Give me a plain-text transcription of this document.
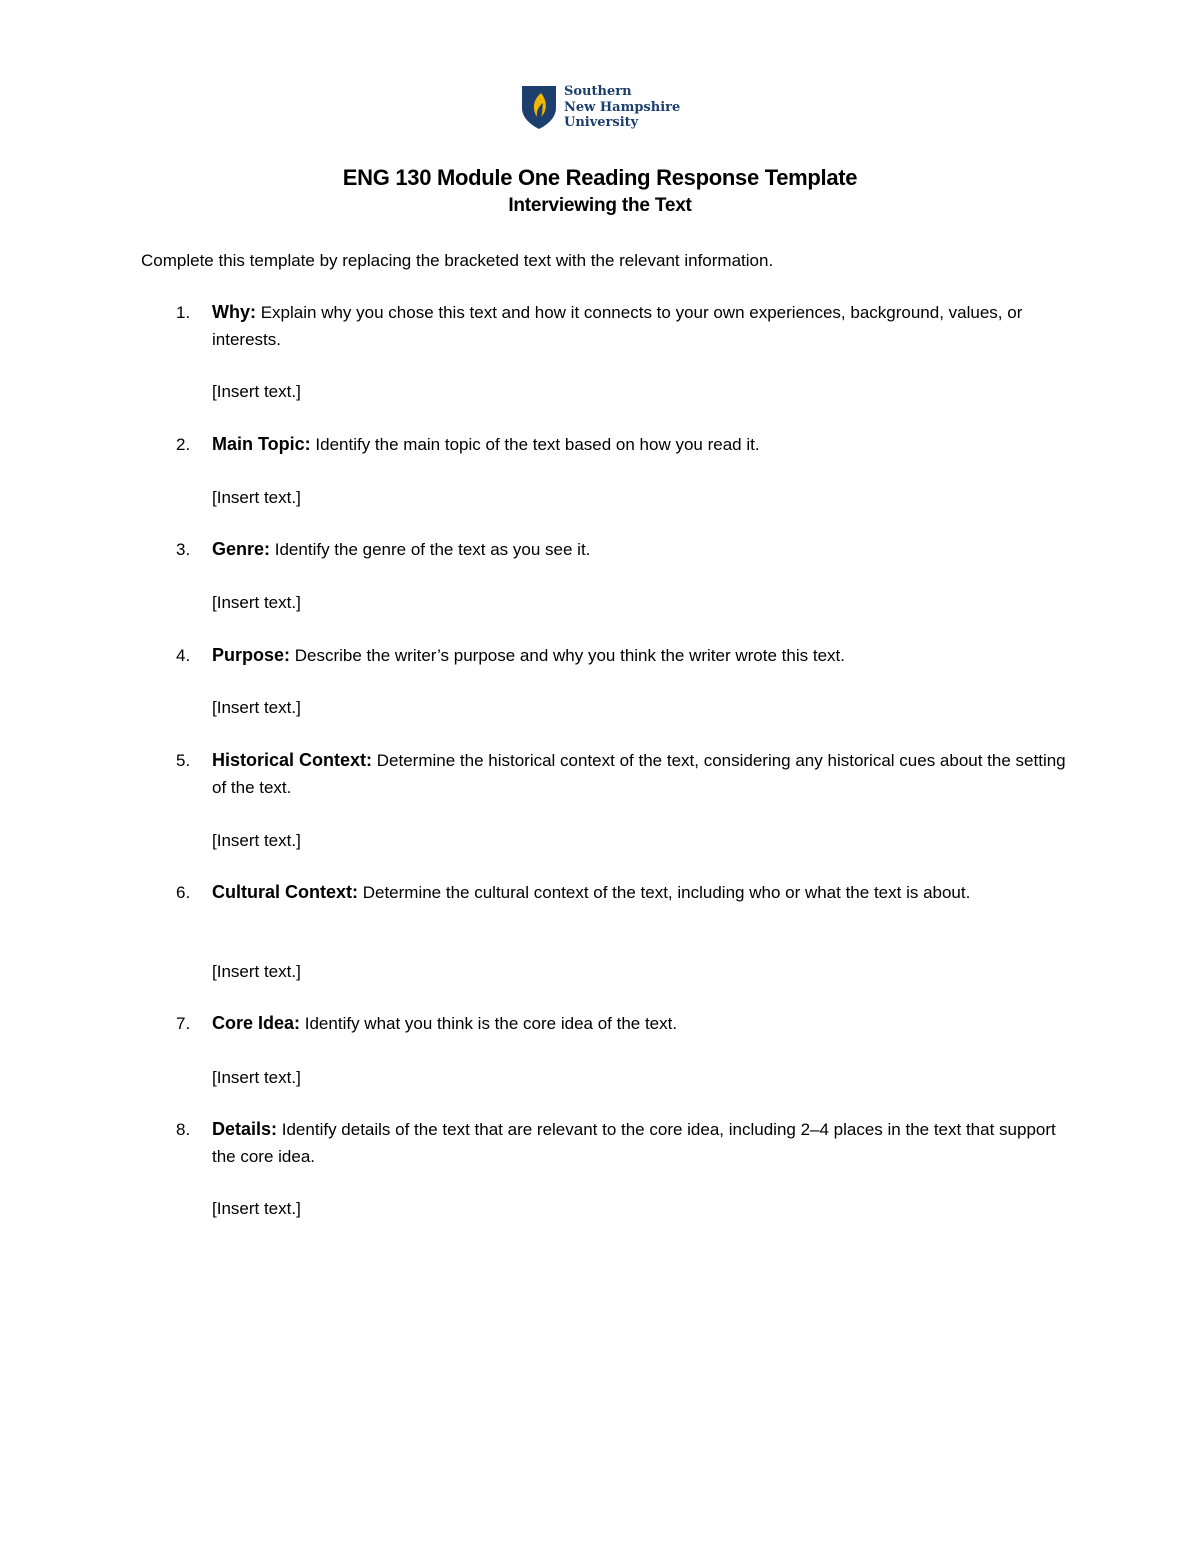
Southern
New Hampshire
University
ENG 130 Module One Reading Response Template
Interviewing the Text
Complete this template by replacing the bracketed text with the relevant information.
1. Why: Explain why you chose this text and how it connects to your own experiences, background, values, or interests.
[Insert text.]
2. Main Topic: Identify the main topic of the text based on how you read it.
[Insert text.]
3. Genre: Identify the genre of the text as you see it.
[Insert text.]
4. Purpose: Describe the writer’s purpose and why you think the writer wrote this text.
[Insert text.]
5. Historical Context: Determine the historical context of the text, considering any historical cues about the setting of the text.
[Insert text.]
6. Cultural Context: Determine the cultural context of the text, including who or what the text is about.
[Insert text.]
7. Core Idea: Identify what you think is the core idea of the text.
[Insert text.]
8. Details: Identify details of the text that are relevant to the core idea, including 2–4 places in the text that support the core idea.
[Insert text.]
